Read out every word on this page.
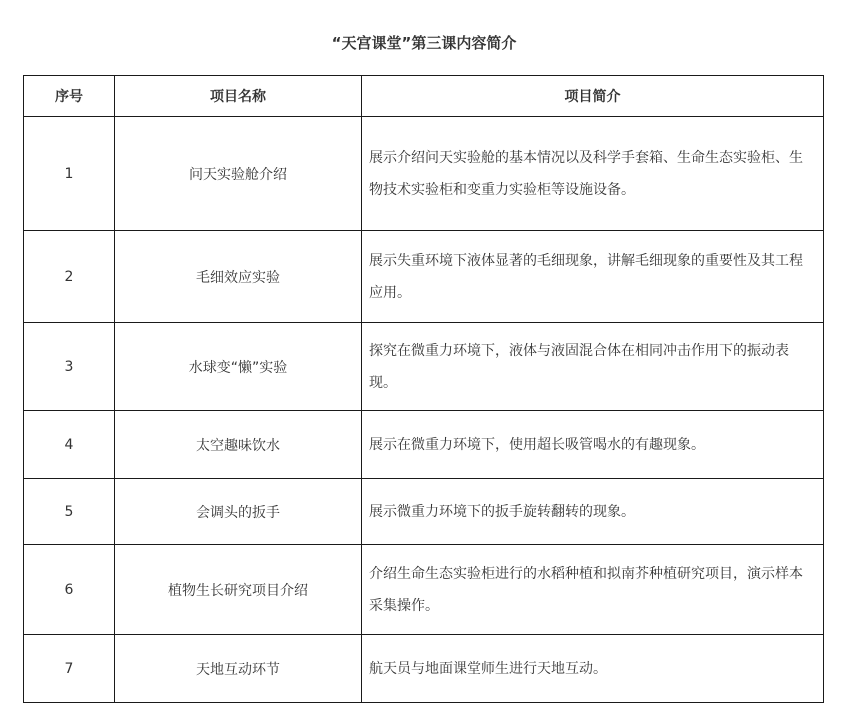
“天宫课堂”第三课内容简介
序号	项目名称	项目简介
1	问天实验舱介绍	展示介绍问天实验舱的基本情况以及科学手套箱、生命生态实验柜、生物技术实验柜和变重力实验柜等设施设备。
2	毛细效应实验	展示失重环境下液体显著的毛细现象，讲解毛细现象的重要性及其工程应用。
3	水球变“懒”实验	探究在微重力环境下，液体与液固混合体在相同冲击作用下的振动表现。
4	太空趣味饮水	展示在微重力环境下，使用超长吸管喝水的有趣现象。
5	会调头的扳手	展示微重力环境下的扳手旋转翻转的现象。
6	植物生长研究项目介绍	介绍生命生态实验柜进行的水稻种植和拟南芥种植研究项目，演示样本采集操作。
7	天地互动环节	航天员与地面课堂师生进行天地互动。
